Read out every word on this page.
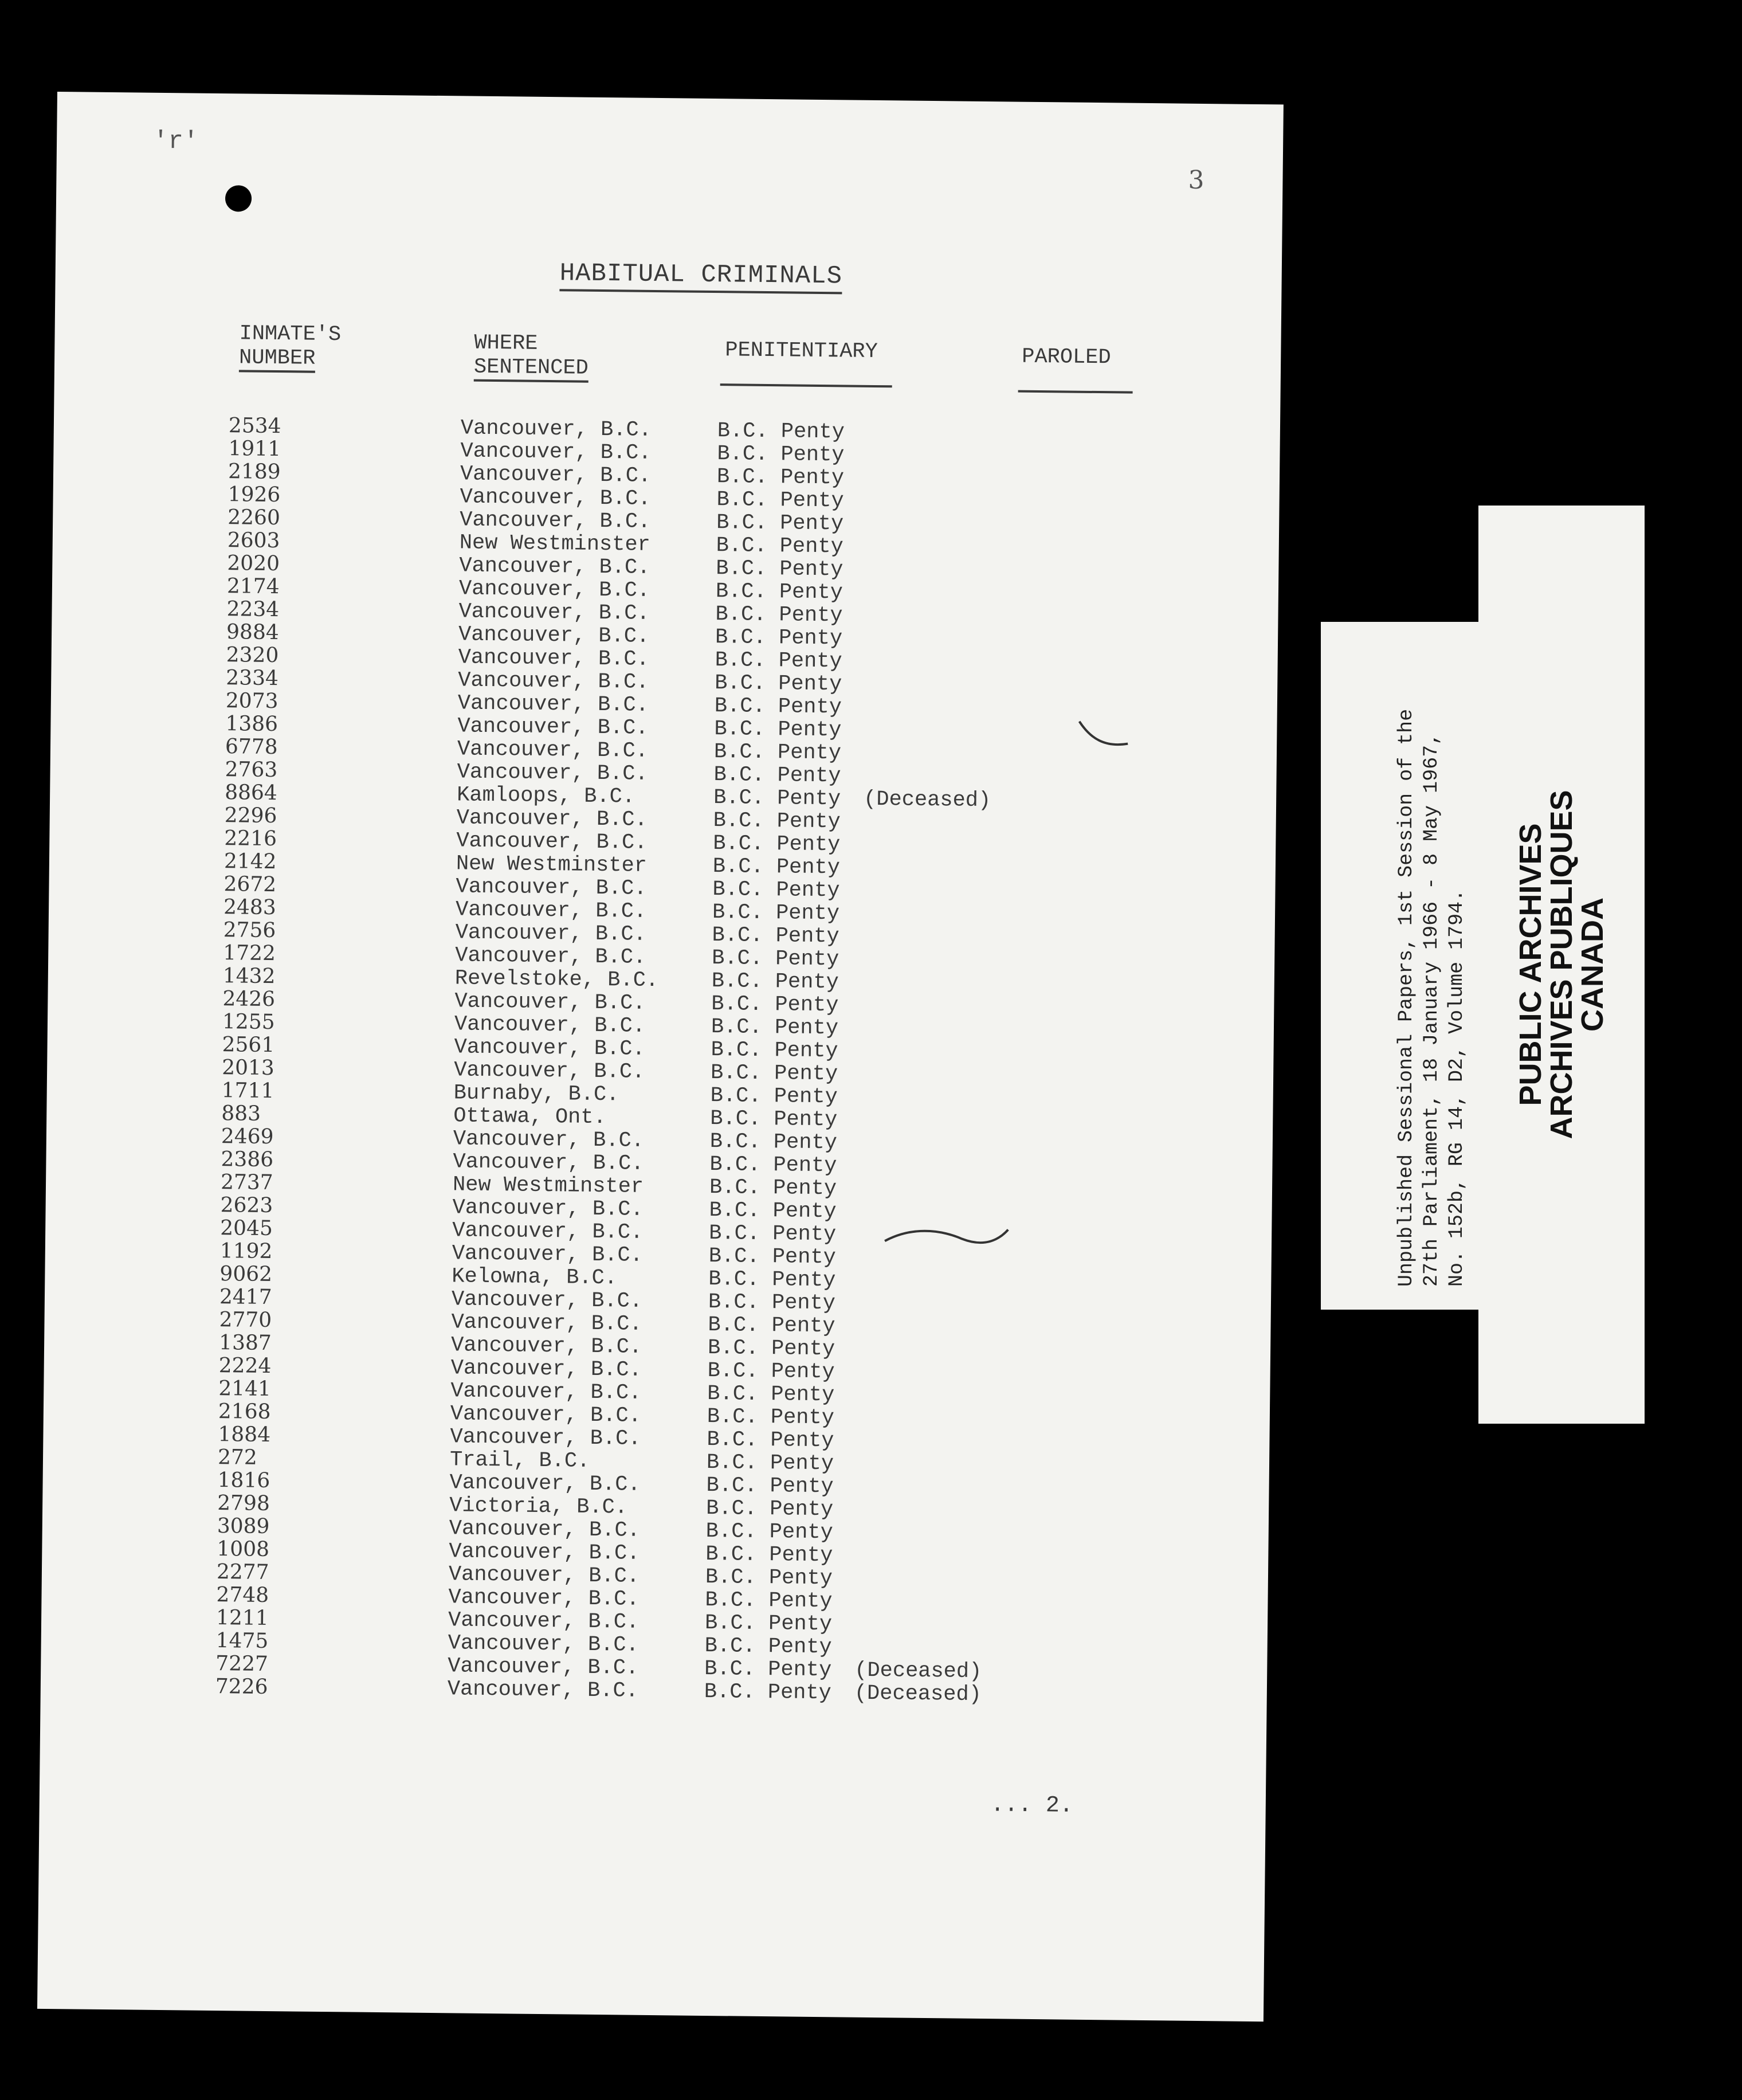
'r'
3
HABITUAL CRIMINALS
INMATE'S
NUMBER
WHERE
SENTENCED
PENITENTIARY	PAROLED
2534	Vancouver, B.C.	B.C. Penty
1911	Vancouver, B.C.	B.C. Penty
2189	Vancouver, B.C.	B.C. Penty
1926	Vancouver, B.C.	B.C. Penty
2260	Vancouver, B.C.	B.C. Penty
2603	New Westminster	B.C. Penty
2020	Vancouver, B.C.	B.C. Penty
2174	Vancouver, B.C.	B.C. Penty
2234	Vancouver, B.C.	B.C. Penty
9884	Vancouver, B.C.	B.C. Penty
2320	Vancouver, B.C.	B.C. Penty
2334	Vancouver, B.C.	B.C. Penty
2073	Vancouver, B.C.	B.C. Penty
1386	Vancouver, B.C.	B.C. Penty
6778	Vancouver, B.C.	B.C. Penty
2763	Vancouver, B.C.	B.C. Penty
8864	Kamloops, B.C.	B.C. Penty (Deceased)
2296	Vancouver, B.C.	B.C. Penty
2216	Vancouver, B.C.	B.C. Penty
2142	New Westminster	B.C. Penty
2672	Vancouver, B.C.	B.C. Penty
2483	Vancouver, B.C.	B.C. Penty
2756	Vancouver, B.C.	B.C. Penty
1722	Vancouver, B.C.	B.C. Penty
1432	Revelstoke, B.C. B.C. Penty
2426	Vancouver, B.C.	B.C. Penty
1255	Vancouver, B.C.	B.C. Penty
2561	Vancouver, B.C.	B.C. Penty
2013	Vancouver, B.C.	B.C. Penty
1711	Burnaby, B.C.	B.C. Penty
883	Ottawa, Ont.	B.C. Penty
2469	Vancouver, B.C.	B.C. Penty
2386	Vancouver, B.C.	B.C. Penty
2737	New Westminster	B.C. Penty
2623	Vancouver, B.C.	B.C. Penty
2045	Vancouver, B.C.	B.C. Penty
1192	Vancouver, B.C.	B.C. Penty
9062	Kelowna, B.C.	B.C. Penty
2417	Vancouver, B.C.	B.C. Penty
2770	Vancouver, B.C.	B.C. Penty
1387	Vancouver, B.C.	B.C. Penty
2224	Vancouver, B.C.	B.C. Penty
2141	Vancouver, B.C.	B.C. Penty
2168	Vancouver, B.C.	B.C. Penty
1884	Vancouver, B.C.	B.C. Penty
272	Trail, B.C.	B.C. Penty
1816	Vancouver, B.C.	B.C. Penty
2798	Victoria, B.C.	B.C. Penty
3089	Vancouver, B.C.	B.C. Penty
1008	Vancouver, B.C.	B.C. Penty
2277	Vancouver, B.C.	B.C. Penty
2748	Vancouver, B.C.	B.C. Penty
1211	Vancouver, B.C.	B.C. Penty
1475	Vancouver, B.C.	B.C. Penty
7227	Vancouver, B.C.	B.C. Penty (Deceased)
7226	Vancouver, B.C.	B.C. Penty (Deceased)
... 2.
Unpublished Sessional Papers, 1st Session of the 27th Parliament, 18 January 1966 - 8 May 1967, No. 152b, RG 14, D2, Volume 1794. PUBLIC ARCHIVES
ARCHIVES PUBLIQUES
CANADA
